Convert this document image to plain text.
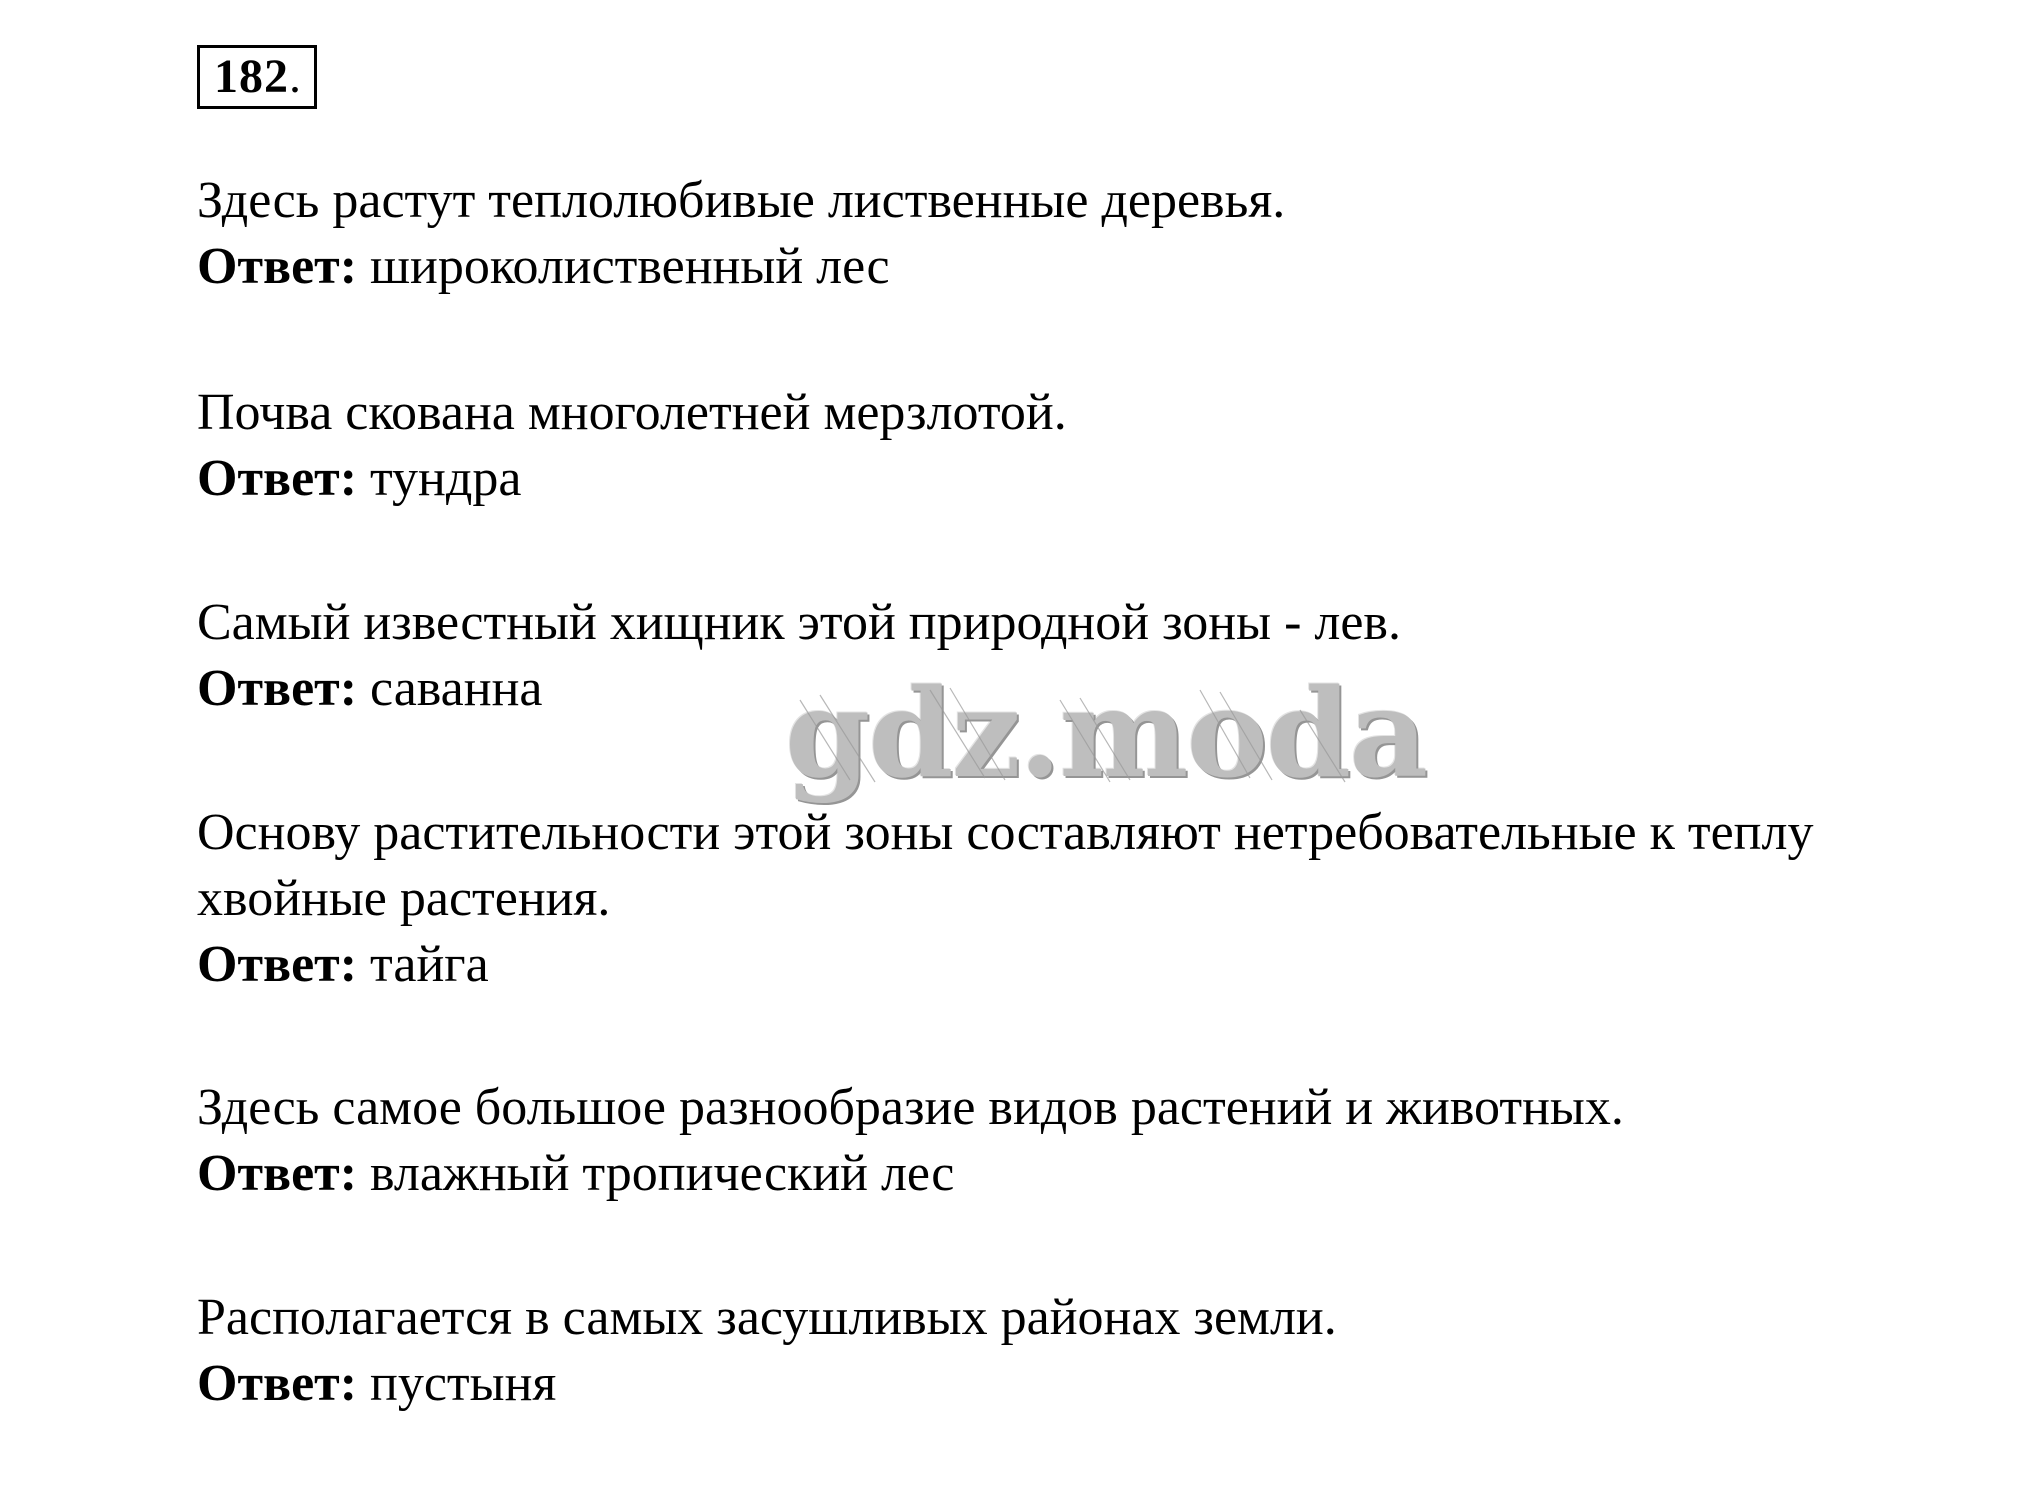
182 .
Здесь растут теплолюбивые лиственные деревья.
Ответ: широколиственный лес
Почва скована многолетней мерзлотой.
Ответ: тундра
Самый известный хищник этой природной зоны - лев.
Ответ: саванна
Основу растительности этой зоны составляют нетребовательные к теплу
хвойные растения.
Ответ: тайга
Здесь самое большое разнообразие видов растений и животных.
Ответ: влажный тропический лес
Располагается в самых засушливых районах земли.
Ответ: пустыня
gdz.moda
